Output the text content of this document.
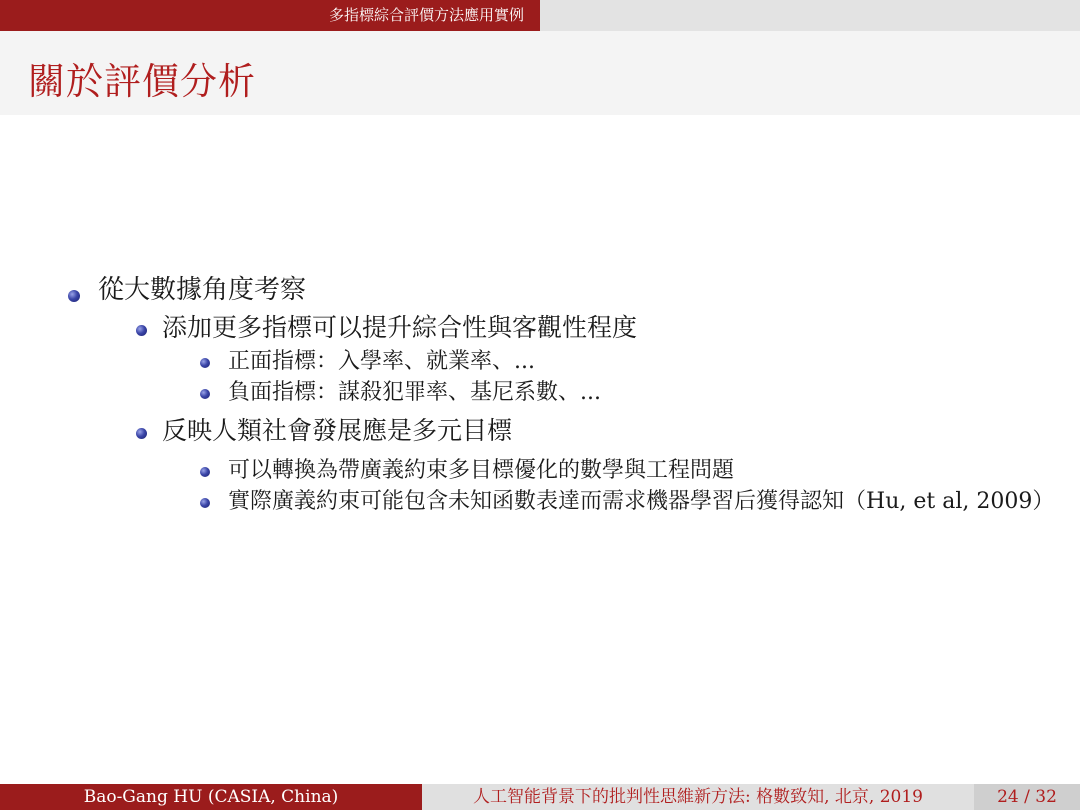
多指標綜合評價方法應用實例
關於評價分析
從大數據角度考察
添加更多指標可以提升綜合性與客觀性程度
正面指標：入學率、就業率、...
負面指標：謀殺犯罪率、基尼系數、...
反映人類社會發展應是多元目標
可以轉換為帶廣義約束多目標優化的數學與工程問題
實際廣義約束可能包含未知函數表達而需求機器學習后獲得認知（Hu, et al, 2009）
Bao-Gang HU (CASIA, China)	人工智能背景下的批判性思維新方法: 格數致知, 北京, 2019	24 / 32
